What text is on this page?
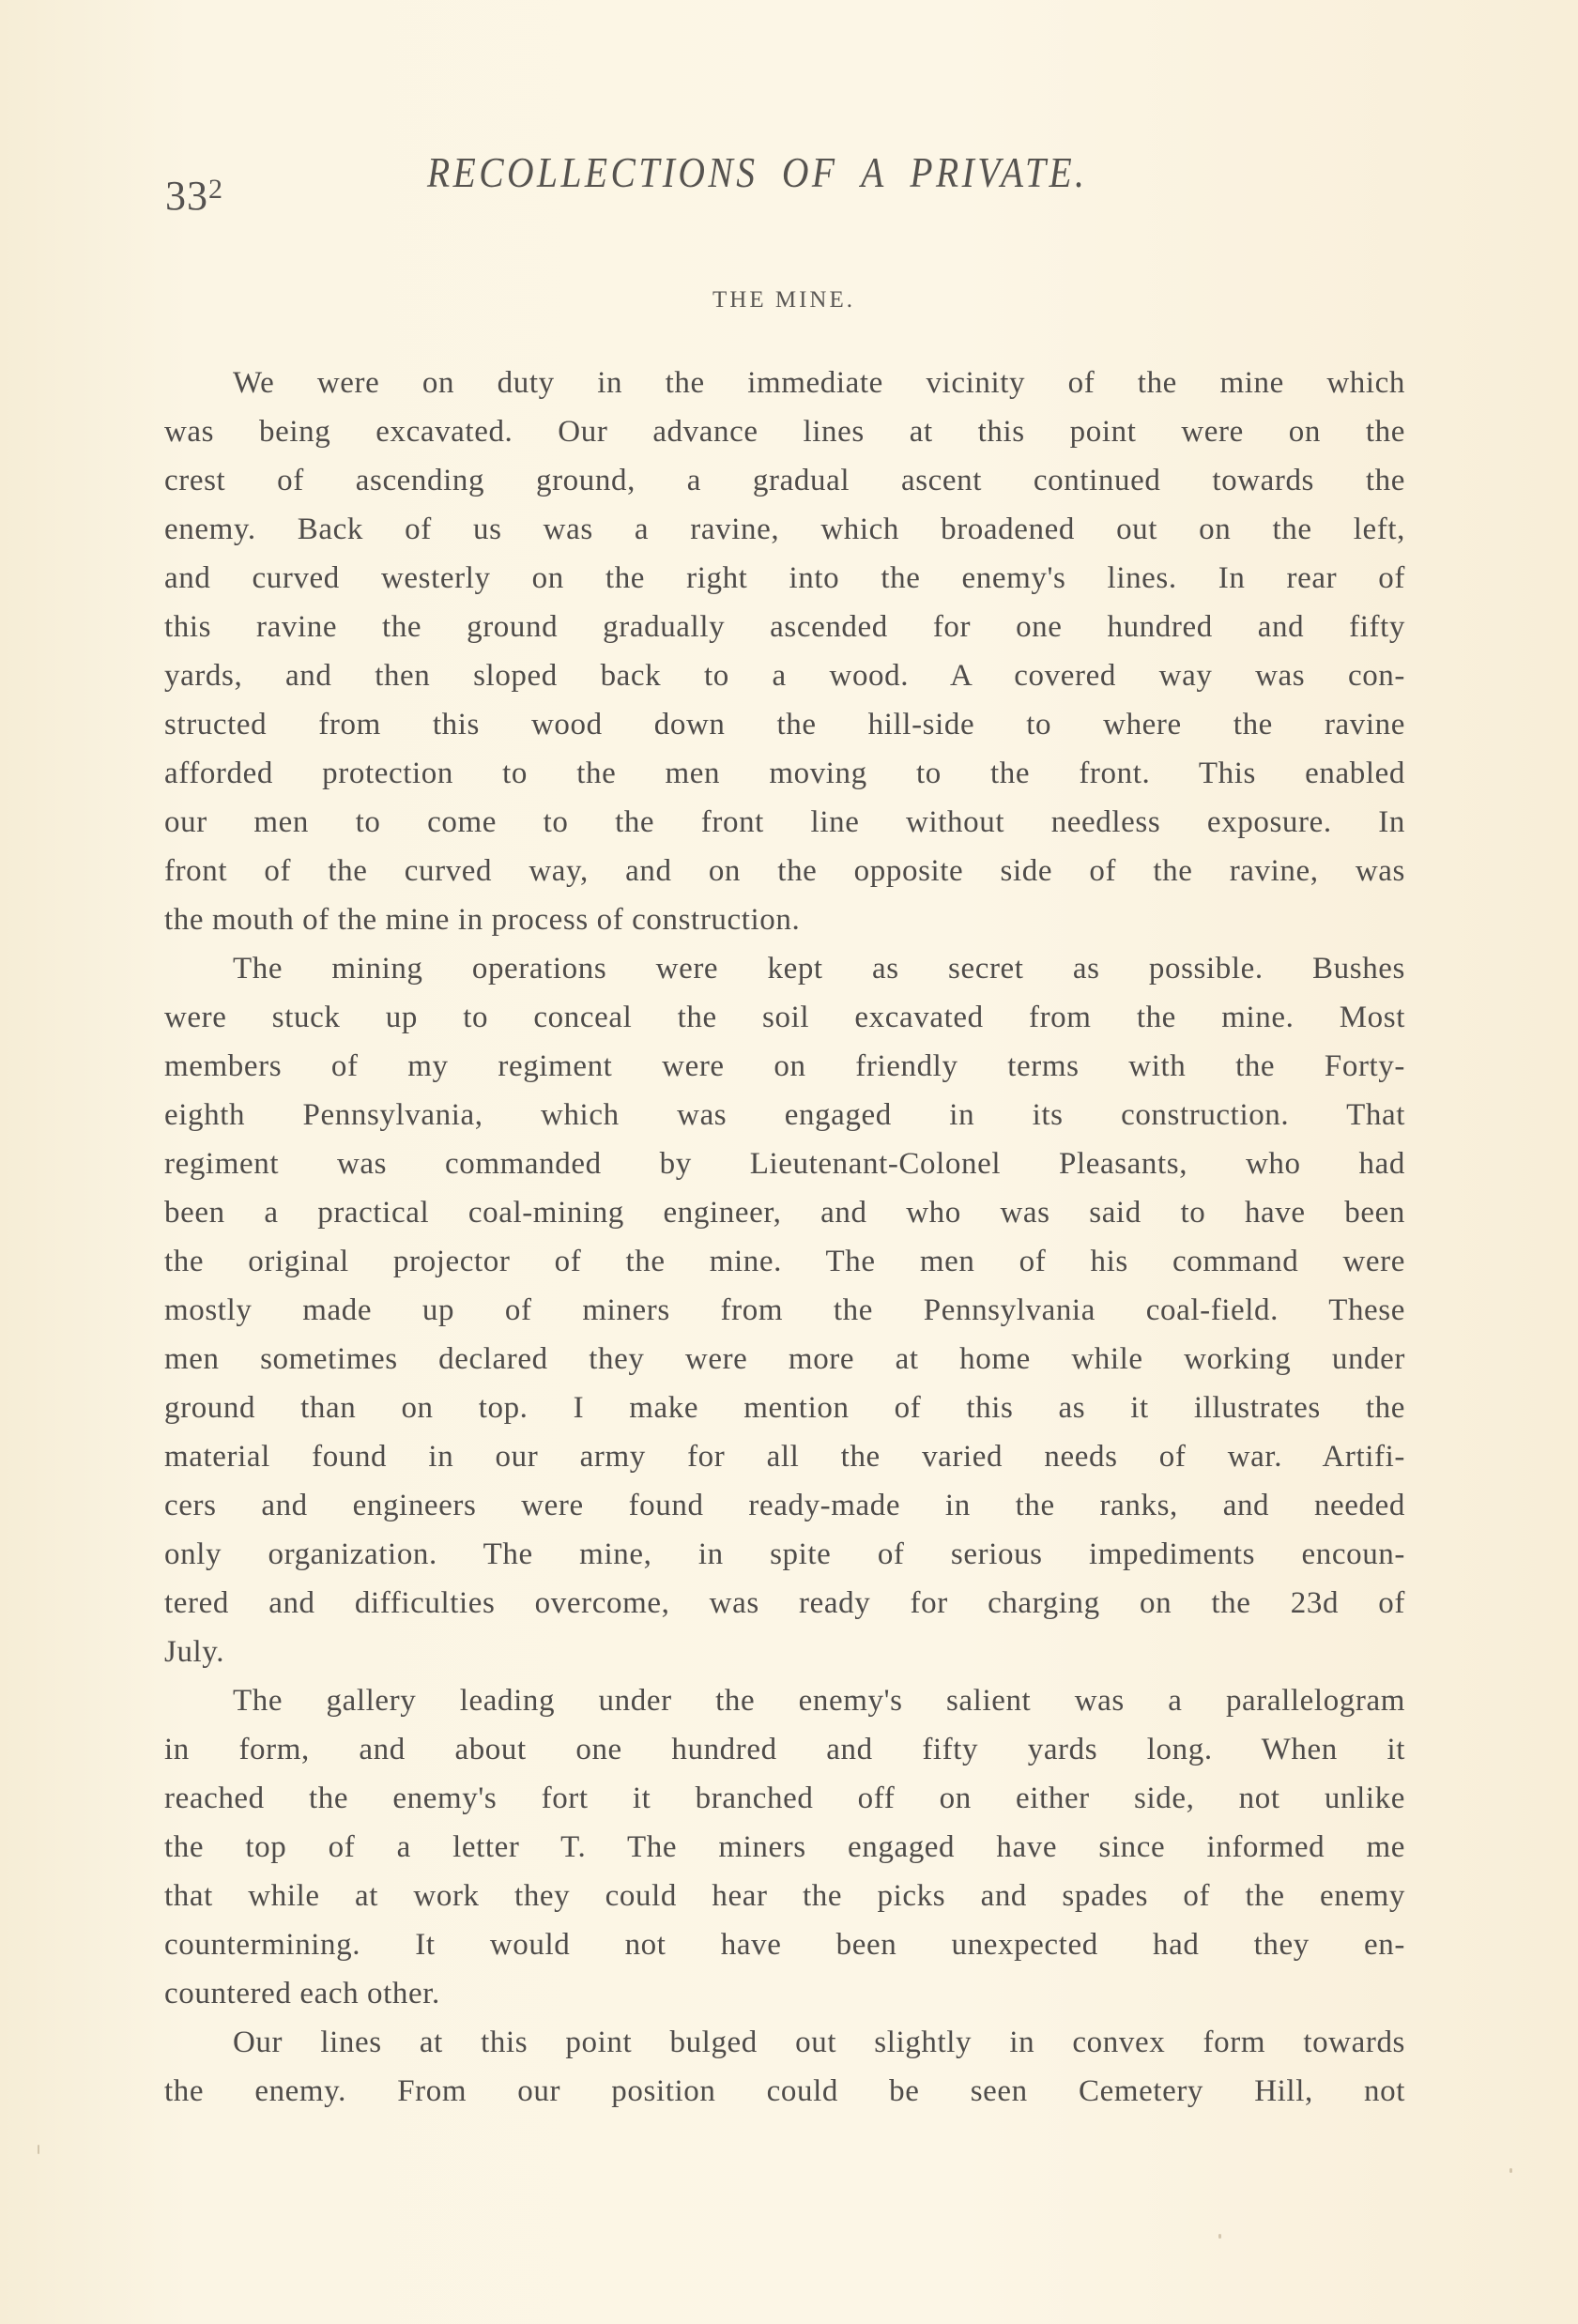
$33^2$	RECOLLECTIONS OF A PRIVATE.
THE MINE.
We were on duty in the immediate vicinity of the mine which
was being excavated. Our advance lines at this point were on the
crest of ascending ground, a gradual ascent continued towards the
enemy. Back of us was a ravine, which broadened out on the left,
and curved westerly on the right into the enemy's lines. In rear of
this ravine the ground gradually ascended for one hundred and fifty
yards, and then sloped back to a wood. A covered way was con-
structed from this wood down the hill-side to where the ravine
afforded protection to the men moving to the front. This enabled
our men to come to the front line without needless exposure. In
front of the curved way, and on the opposite side of the ravine, was
the mouth of the mine in process of construction.
The mining operations were kept as secret as possible. Bushes
were stuck up to conceal the soil excavated from the mine. Most
members of my regiment were on friendly terms with the Forty-
eighth Pennsylvania, which was engaged in its construction. That
regiment was commanded by Lieutenant-Colonel Pleasants, who had
been a practical coal-mining engineer, and who was said to have been
the original projector of the mine. The men of his command were
mostly made up of miners from the Pennsylvania coal-field. These
men sometimes declared they were more at home while working under
ground than on top. I make mention of this as it illustrates the
material found in our army for all the varied needs of war. Artifi-
cers and engineers were found ready-made in the ranks, and needed
only organization. The mine, in spite of serious impediments encoun-
tered and difficulties overcome, was ready for charging on the 23d of
July.
The gallery leading under the enemy's salient was a parallelogram
in form, and about one hundred and fifty yards long. When it
reached the enemy's fort it branched off on either side, not unlike
the top of a letter T. The miners engaged have since informed me
that while at work they could hear the picks and spades of the enemy
countermining. It would not have been unexpected had they en-
countered each other.
Our lines at this point bulged out slightly in convex form towards
the enemy. From our position could be seen Cemetery Hill, not
